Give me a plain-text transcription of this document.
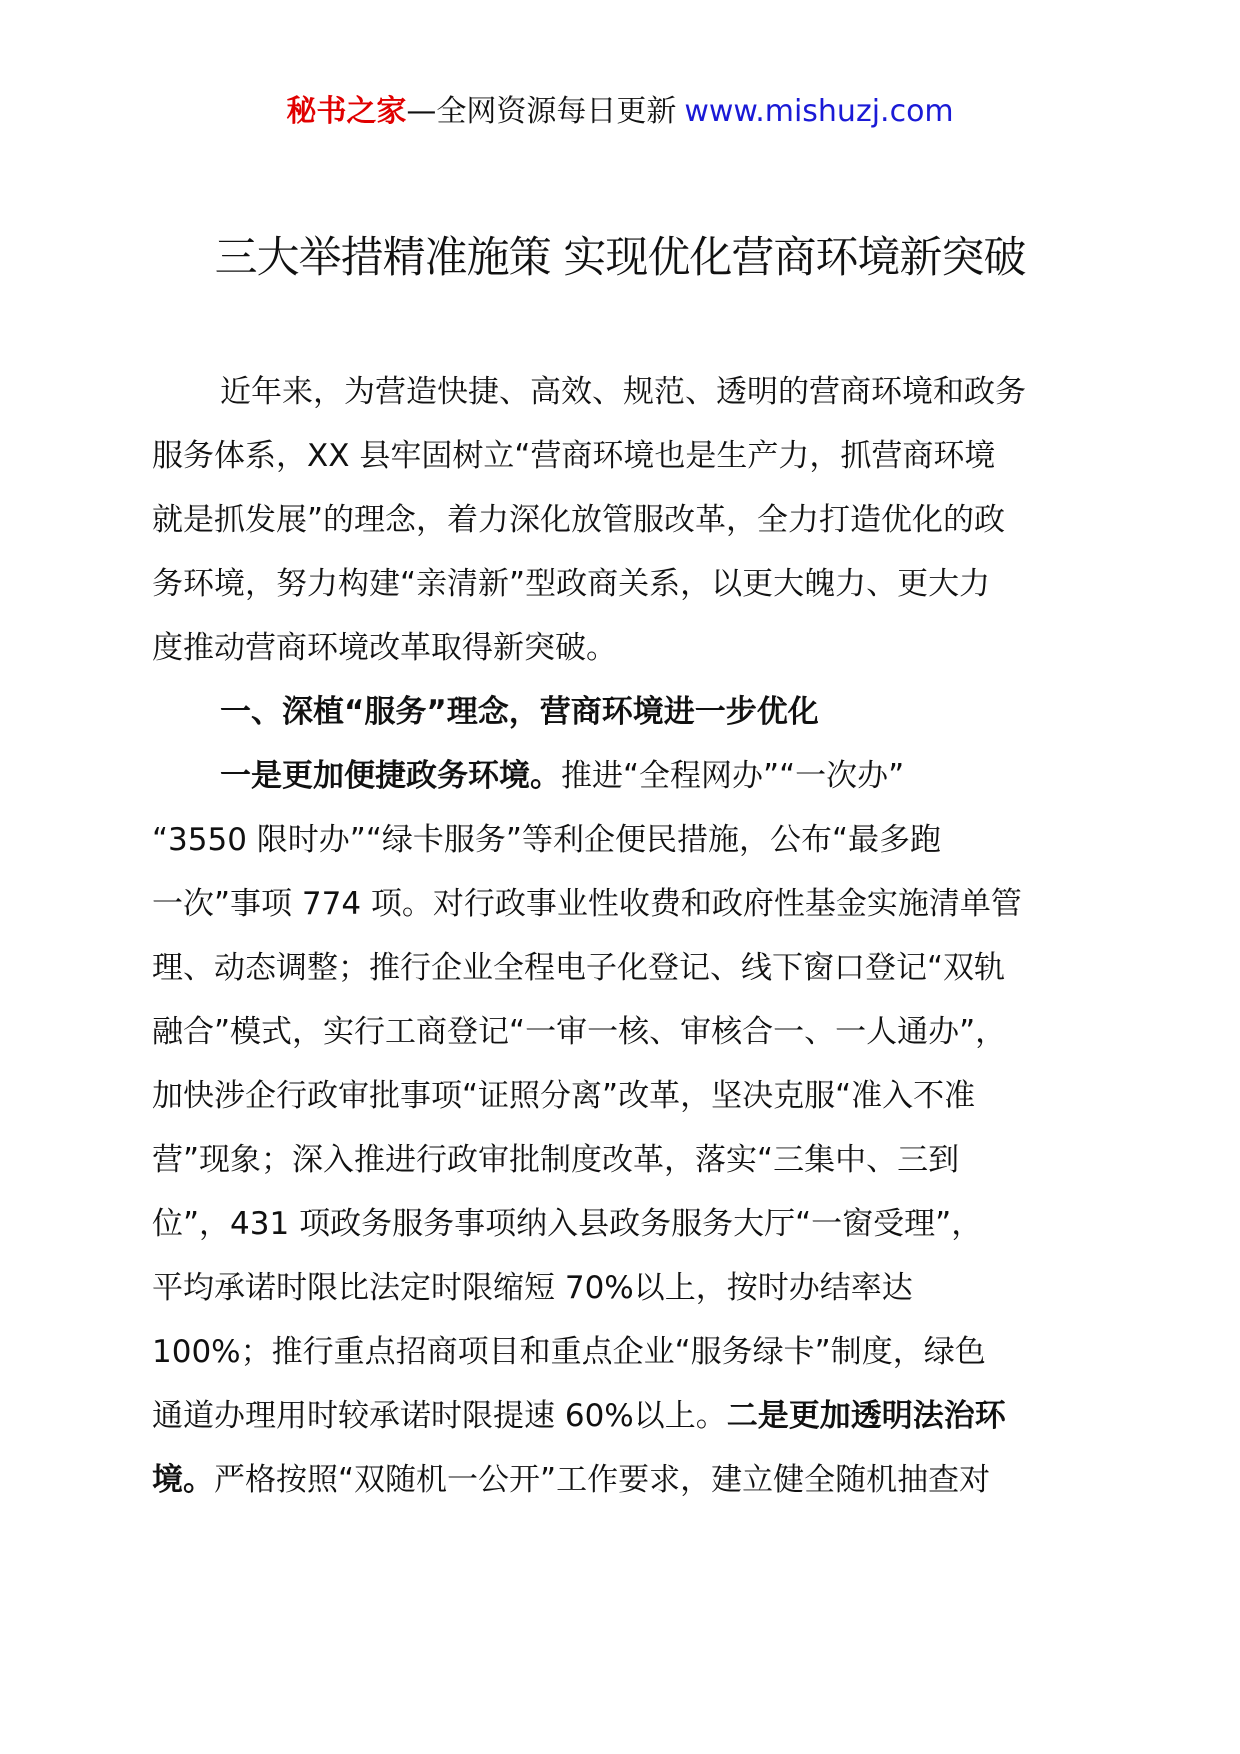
秘书之家—全网资源每日更新 www.mishuzj.com
三大举措精准施策 实现优化营商环境新突破
近年来，为营造快捷、高效、规范、透明的营商环境和政务
服务体系，XX 县牢固树立“营商环境也是生产力，抓营商环境
就是抓发展”的理念，着力深化放管服改革，全力打造优化的政
务环境，努力构建“亲清新”型政商关系，以更大魄力、更大力
度推动营商环境改革取得新突破。
一、深植“服务”理念，营商环境进一步优化
一是更加便捷政务环境。推进“全程网办”“一次办”
“3550 限时办”“绿卡服务”等利企便民措施，公布“最多跑
一次”事项 774 项。对行政事业性收费和政府性基金实施清单管
理、动态调整；推行企业全程电子化登记、线下窗口登记“双轨
融合”模式，实行工商登记“一审一核、审核合一、一人通办”，
加快涉企行政审批事项“证照分离”改革，坚决克服“准入不准
营”现象；深入推进行政审批制度改革，落实“三集中、三到
位”，431 项政务服务事项纳入县政务服务大厅“一窗受理”，
平均承诺时限比法定时限缩短 70%以上，按时办结率达
100%；推行重点招商项目和重点企业“服务绿卡”制度，绿色
通道办理用时较承诺时限提速 60%以上。二是更加透明法治环
境。严格按照“双随机一公开”工作要求，建立健全随机抽查对
